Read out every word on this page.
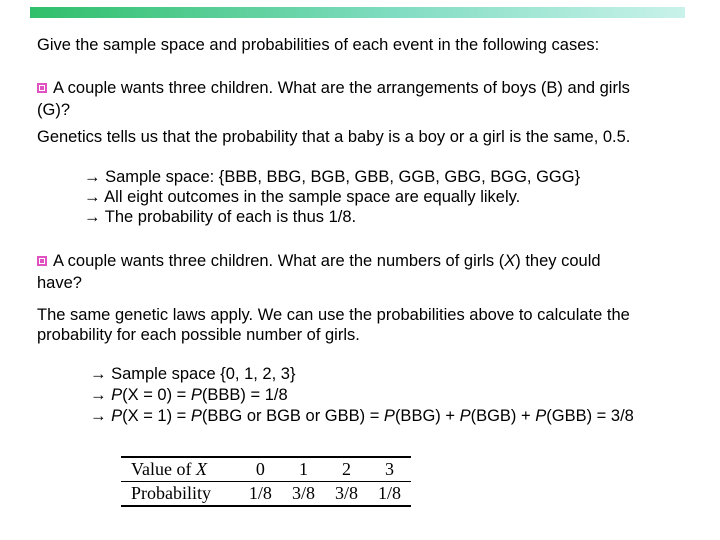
Give the sample space and probabilities of each event in the following cases:
A couple wants three children. What are the arrangements of boys (B) and girls
(G)?
Genetics tells us that the probability that a baby is a boy or a girl is the same, 0.5.
→ Sample space: {BBB, BBG, BGB, GBB, GGB, GBG, BGG, GGG}
→ All eight outcomes in the sample space are equally likely.
→ The probability of each is thus 1/8.
A couple wants three children. What are the numbers of girls (X) they could
have?
The same genetic laws apply. We can use the probabilities above to calculate the
probability for each possible number of girls.
→ Sample space {0, 1, 2, 3}
→ P(X = 0) = P(BBB) = 1/8
→ P(X = 1) = P(BBG or BGB or GBB) = P(BBG) + P(BGB) + P(GBB) = 3/8
Value of X	0	1	2	3
Probability	1/8	3/8	3/8	1/8
